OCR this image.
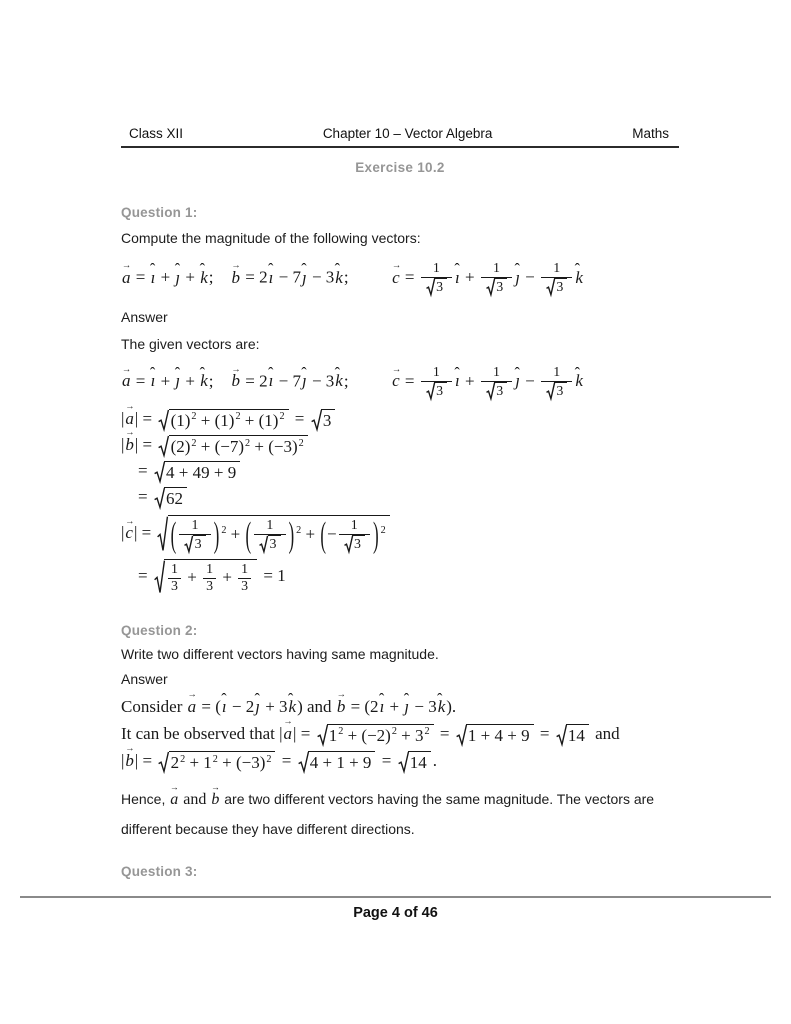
Class XII	Chapter 10 – Vector Algebra	Maths
Exercise 10.2
Question 1:
Compute the magnitude of the following vectors:
a → = ı ˆ + ȷ ˆ + k ˆ;  b → = 2ı ˆ − 7ȷ ˆ − 3k ˆ;   c → = $\frac{1}{3}$ ı ˆ + $\frac{1}{3}$ ȷ ˆ − $\frac{1}{3}$ k ˆ
Answer
The given vectors are:
a → = ı ˆ + ȷ ˆ + k ˆ;  b → = 2ı ˆ − 7ȷ ˆ − 3k ˆ;   c → = $\frac{1}{3}$ ı ˆ + $\frac{1}{3}$ ȷ ˆ − $\frac{1}{3}$ k ˆ
|a →| =
$(1)^2 + (1)^2 + (1)^2$ =
3
|b →| =
$(2)^2 + (-7)^2 + (-3)^2$
=
4 + 49 + 9
=
62
|c →| =
( $\frac{1}{3}$ ) $^2$ + ( $\frac{1}{3}$ ) $^2$ + (− $\frac{1}{3}$ ) $^2$
= $\frac{1}{3} + \frac{1}{3} + \frac{1}{3} = 1$
Question 2:
Write two different vectors having same magnitude.
Answer
Consider a → = (ı ˆ − 2ȷ ˆ + 3k ˆ) and b → = (2ı ˆ + ȷ ˆ − 3k ˆ).
It can be observed that |a →| =
$1^2 + (-2)^2 + 3^2$ =
1 + 4 + 9 =
14 and
|b →| =
$2^2 + 1^2 + (-3)^2$ =
4 + 1 + 9 =
14 .

Hence, a → and b → are two different vectors having the same magnitude. The vectors are different because they have different directions.

Question 3:
Page 4 of 46
